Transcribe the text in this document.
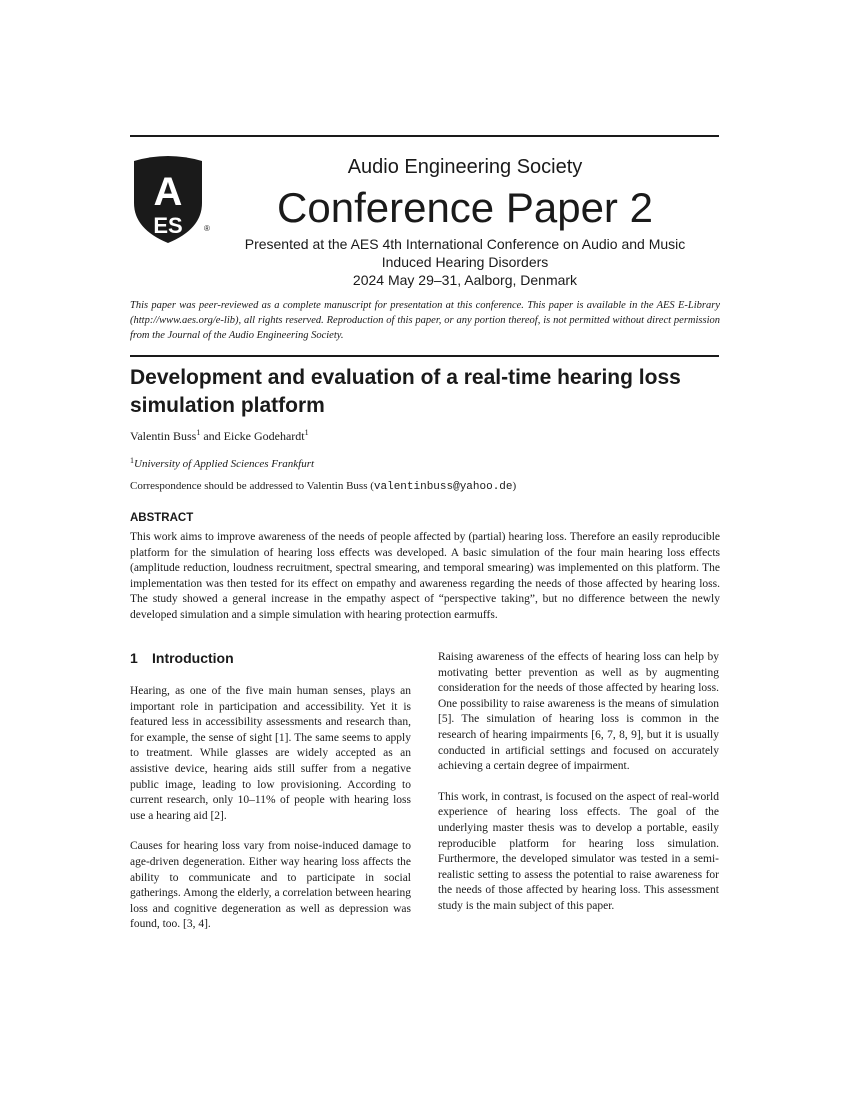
A
ES	®
Audio Engineering Society
Conference Paper 2
Presented at the AES 4th International Conference on Audio and Music
Induced Hearing Disorders
2024 May 29–31, Aalborg, Denmark
This paper was peer-reviewed as a complete manuscript for presentation at this conference. This paper is available in the AES E-Library (http://www.aes.org/e-lib), all rights reserved. Reproduction of this paper, or any portion thereof, is not permitted without direct permission from the Journal of the Audio Engineering Society.
Development and evaluation of a real-time hearing loss simulation platform
Valentin Buss$^1$ and Eicke Godehardt$^1$
$^1$University of Applied Sciences Frankfurt
Correspondence should be addressed to Valentin Buss (valentinbuss@yahoo.de)
ABSTRACT

This work aims to improve awareness of the needs of people affected by (partial) hearing loss. Therefore an easily reproducible platform for the simulation of hearing loss effects was developed. A basic simulation of the four main hearing loss effects (amplitude reduction, loudness recruitment, spectral smearing, and temporal smearing) was implemented on this platform. The implementation was then tested for its effect on empathy and awareness regarding the needs of those affected by hearing loss. The study showed a general increase in the empathy aspect of “perspective taking”, but no difference between the newly developed simulation and a simple simulation with hearing protection earmuffs.

1 Introduction

Hearing, as one of the five main human senses, plays an important role in participation and accessibility. Yet it is featured less in accessibility assessments and research than, for example, the sense of sight [1]. The same seems to apply to treatment. While glasses are widely accepted as an assistive device, hearing aids still suffer from a negative public image, leading to low provisioning. According to current research, only 10–11% of people with hearing loss use a hearing aid [2].

Causes for hearing loss vary from noise-induced damage to age-driven degeneration. Either way hearing loss affects the ability to communicate and to participate in social gatherings. Among the elderly, a correlation between hearing loss and cognitive degeneration as well as depression was found, too. [3, 4].

Raising awareness of the effects of hearing loss can help by motivating better prevention as well as by augmenting consideration for the needs of those affected by hearing loss. One possibility to raise awareness is the means of simulation [5]. The simulation of hearing loss is common in the research of hearing impairments [6, 7, 8, 9], but it is usually conducted in artificial settings and focused on accurately achieving a certain degree of impairment.

This work, in contrast, is focused on the aspect of real-world experience of hearing loss effects. The goal of the underlying master thesis was to develop a portable, easily reproducible platform for hearing loss simulation. Furthermore, the developed simulator was tested in a semi-realistic setting to assess the potential to raise awareness for the needs of those affected by hearing loss. This assessment study is the main subject of this paper.
